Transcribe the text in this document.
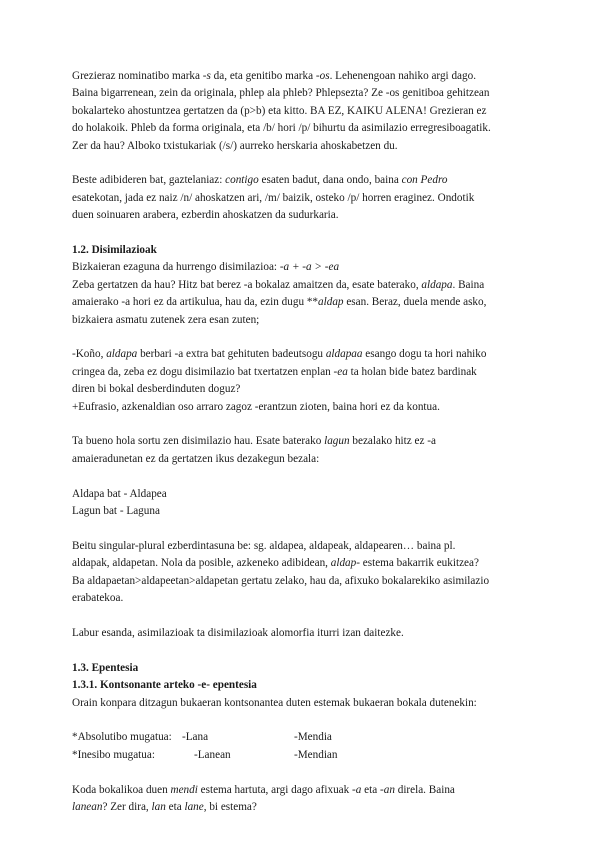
Grezieraz nominatibo marka -s da, eta genitibo marka -os. Lehenengoan nahiko argi dago.
Baina bigarrenean, zein da originala, phlep ala phleb? Phlepsezta? Ze -os genitiboa gehitzean
bokalarteko ahostuntzea gertatzen da (p>b) eta kitto. BA EZ, KAIKU ALENA! Grezieran ez
do holakoik. Phleb da forma originala, eta /b/ hori /p/ bihurtu da asimilazio erregresiboagatik.
Zer da hau? Alboko txistukariak (/s/) aurreko herskaria ahoskabetzen du.
Beste adibideren bat, gaztelaniaz: contigo esaten badut, dana ondo, baina con Pedro
esatekotan, jada ez naiz /n/ ahoskatzen ari, /m/ baizik, osteko /p/ horren eraginez. Ondotik
duen soinuaren arabera, ezberdin ahoskatzen da sudurkaria.
1.2. Disimilazioak
Bizkaieran ezaguna da hurrengo disimilazioa: -a + -a > -ea
Zeba gertatzen da hau? Hitz bat berez -a bokalaz amaitzen da, esate baterako, aldapa. Baina
amaierako -a hori ez da artikulua, hau da, ezin dugu **aldap esan. Beraz, duela mende asko,
bizkaiera asmatu zutenek zera esan zuten;
-Koño, aldapa berbari -a extra bat gehituten badeutsogu aldapaa esango dogu ta hori nahiko
cringea da, zeba ez dogu disimilazio bat txertatzen enplan -ea ta holan bide batez bardinak
diren bi bokal desberdinduten doguz?
+Eufrasio, azkenaldian oso arraro zagoz -erantzun zioten, baina hori ez da kontua.
Ta bueno hola sortu zen disimilazio hau. Esate baterako lagun bezalako hitz ez -a
amaieradunetan ez da gertatzen ikus dezakegun bezala:
Aldapa bat - Aldapea
Lagun bat - Laguna
Beitu singular-plural ezberdintasuna be: sg. aldapea, aldapeak, aldapearen… baina pl.
aldapak, aldapetan. Nola da posible, azkeneko adibidean, aldap- estema bakarrik eukitzea?
Ba aldapaetan>aldapeetan>aldapetan gertatu zelako, hau da, afixuko bokalarekiko asimilazio
erabatekoa.
Labur esanda, asimilazioak ta disimilazioak alomorfia iturri izan daitezke.
1.3. Epentesia
1.3.1. Kontsonante arteko -e- epentesia
Orain konpara ditzagun bukaeran kontsonantea duten estemak bukaeran bokala dutenekin:
*Absolutibo mugatua: -Lana	-Mendia
*Inesibo mugatua:	-Lanean	-Mendian
Koda bokalikoa duen mendi estema hartuta, argi dago afixuak -a eta -an direla. Baina
lanean? Zer dira, lan eta lane, bi estema?
